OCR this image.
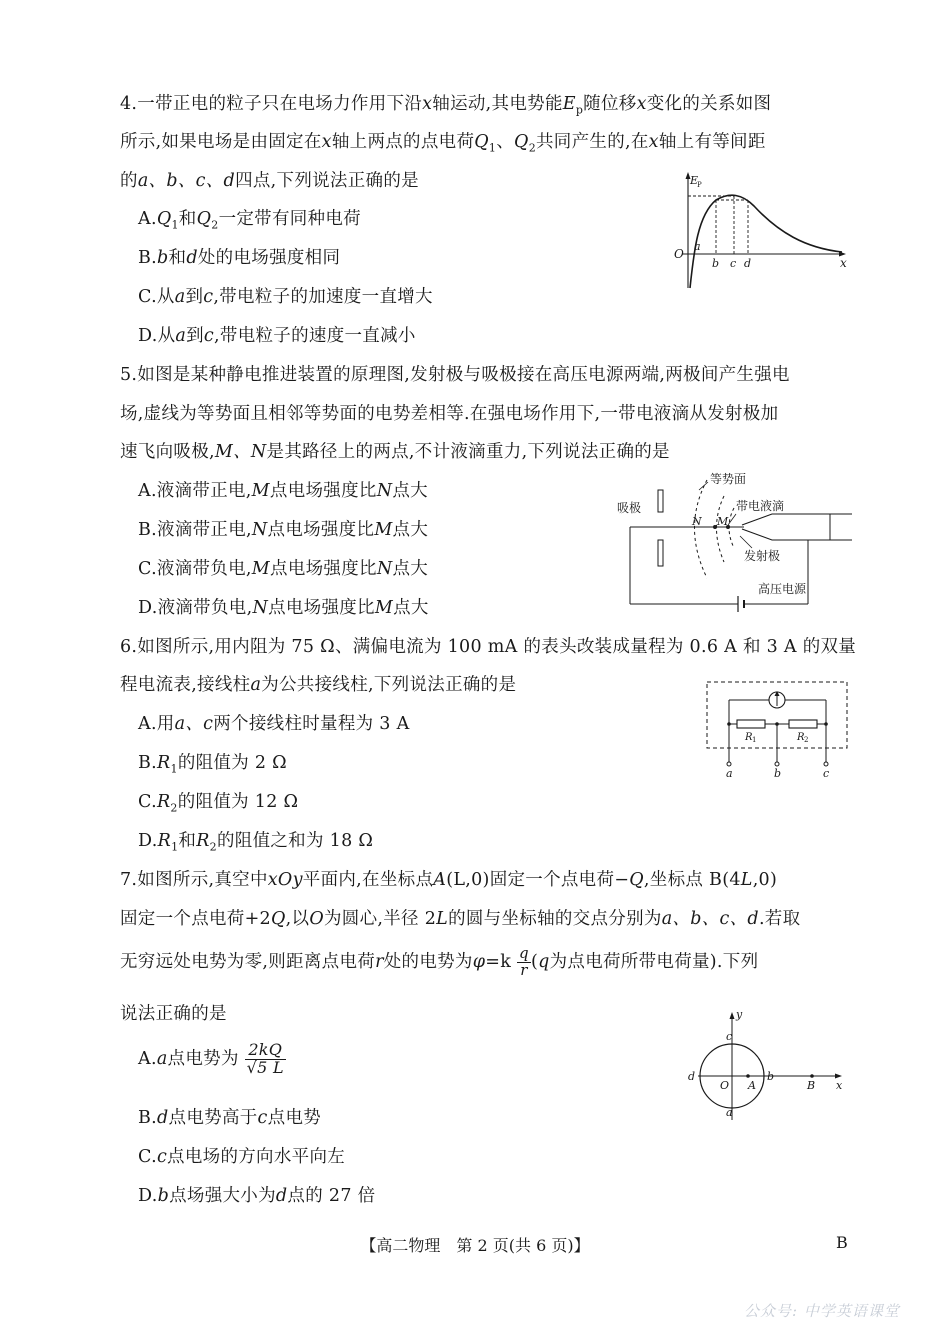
4.一带正电的粒子只在电场力作用下沿x轴运动,其电势能$E_p$随位移x变化的关系如图
所示,如果电场是由固定在x轴上两点的点电荷$Q_1$、$Q_2$共同产生的,在x轴上有等间距
的a、b、c、d四点,下列说法正确的是
$A.Q_1$和$Q_2$一定带有同种电荷
B.b和d处的电场强度相同
C.从a到c,带电粒子的加速度一直增大
D.从a到c,带电粒子的速度一直减小
E
P
O
x
a
b c d
5.如图是某种静电推进装置的原理图,发射极与吸极接在高压电源两端,两极间产生强电
场,虚线为等势面且相邻等势面的电势差相等.在强电场作用下,一带电液滴从发射极加
速飞向吸极,M、N是其路径上的两点,不计液滴重力,下列说法正确的是
A.液滴带正电,M点电场强度比N点大
B.液滴带正电,N点电场强度比M点大
C.液滴带负电,M点电场强度比N点大
D.液滴带负电,N点电场强度比M点大
等势面
吸极	带电液滴
发射极
高压电源
N M
6.如图所示,用内阻为 75 Ω、满偏电流为 100 mA 的表头改装成量程为 0.6 A 和 3 A 的双量
程电流表,接线柱a为公共接线柱,下列说法正确的是
A.用a、c两个接线柱时量程为 3 A
$B.R_1$的阻值为 2 Ω
$C.R_2$的阻值为 12 Ω
$D.R_1$和$R_2$的阻值之和为 18 Ω
R 1	R 2
a	b	c
7.如图所示,真空中xOy平面内,在坐标点A(L,0)固定一个点电荷−Q,坐标点 B(4L,0)
固定一个点电荷+2Q,以O为圆心,半径 2L的圆与坐标轴的交点分别为a、b、c、d.若取
无穷远处电势为零,则距离点电荷r处的电势为$\varphi=k \frac{q}{r} (q$为点电荷所带电荷量).下列
说法正确的是
A.a点电势为 $\frac{2kQ}{√5 L}$
B.d点电势高于c点电势
C.c点电场的方向水平向左
D.b点场强大小为d点的 27 倍
y
x
c
d
O A
b
B
a
【高二物理　第 2 页(共 6 页)】	B
公众号: 中学英语课堂
